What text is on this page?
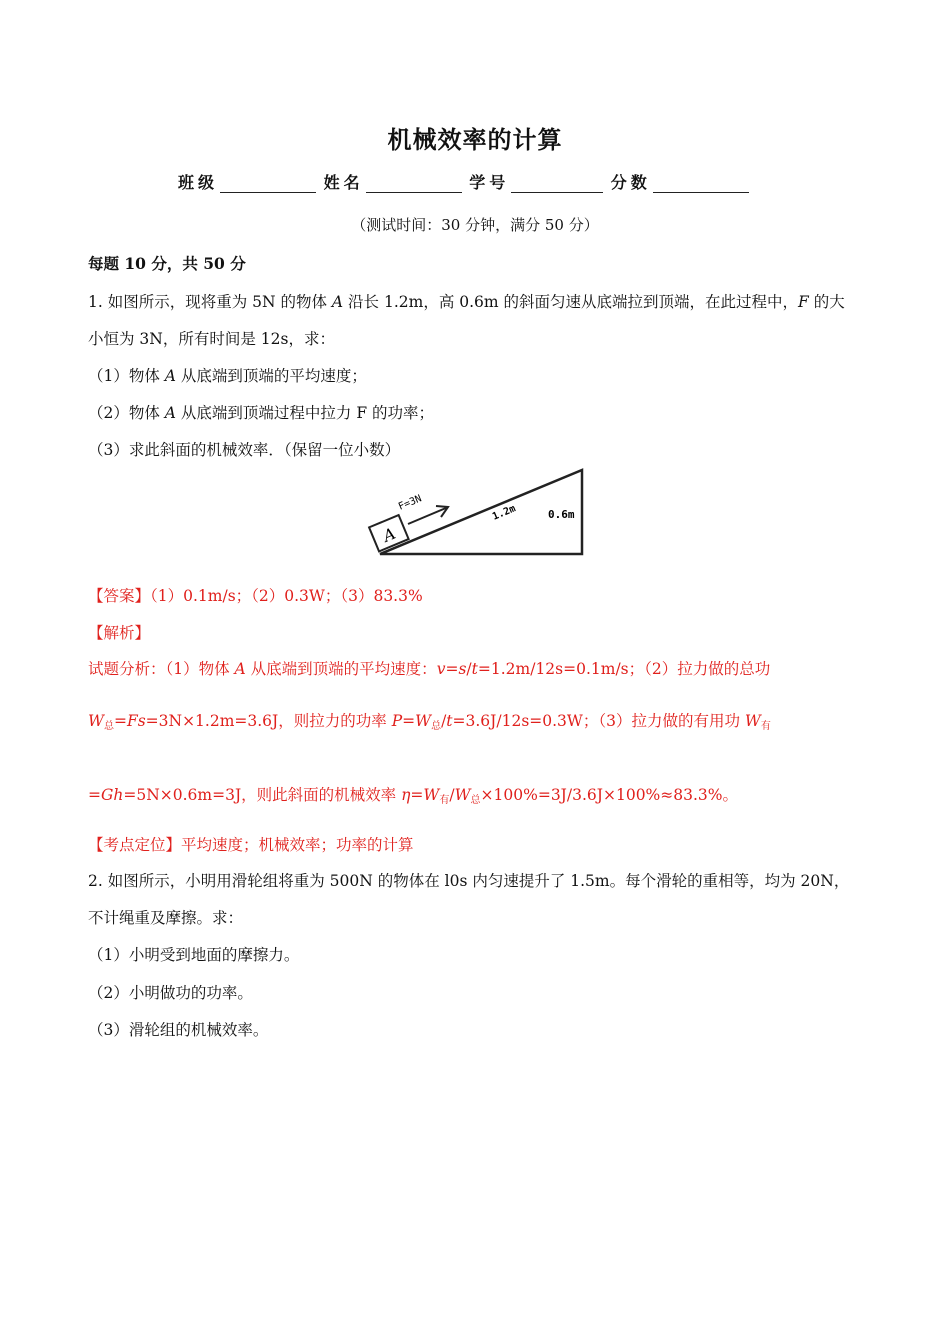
机械效率的计算
班级	姓名	学号	分数
（测试时间：30 分钟，满分 50 分）
每题 10 分，共 50 分
1. 如图所示，现将重为 5N 的物体 A 沿长 1.2m，高 0.6m 的斜面匀速从底端拉到顶端，在此过程中，F 的大
小恒为 3N，所有时间是 12s，求：
（1）物体 A 从底端到顶端的平均速度；
（2）物体 A 从底端到顶端过程中拉力 F 的功率；
（3）求此斜面的机械效率．（保留一位小数）
A
F=3N
1.2m	0.6m
【答案】（1）0.1m/s；（2）0.3W；（3）83.3%
【解析】
试题分析：（1）物体 A 从底端到顶端的平均速度：v=s/t=1.2m/12s=0.1m/s；（2）拉力做的总功
$W_总=Fs=3N\times 1.2m=3.6J$，则拉力的功率 $P=W_总/t=3.6J/12s=0.3W$；（3）拉力做的有用功 $W_有$
=Gh=5N×0.6m=3J，则此斜面的机械效率 $\eta=W_有/W_总\times 100\%=3J/3.6J\times 100\%\approx 83.3\%$。
【考点定位】平均速度；机械效率；功率的计算
2. 如图所示，小明用滑轮组将重为 500N 的物体在 l0s 内匀速提升了 1.5m。每个滑轮的重相等，均为 20N，
不计绳重及摩擦。求：
（1）小明受到地面的摩擦力。
（2）小明做功的功率。
（3）滑轮组的机械效率。
